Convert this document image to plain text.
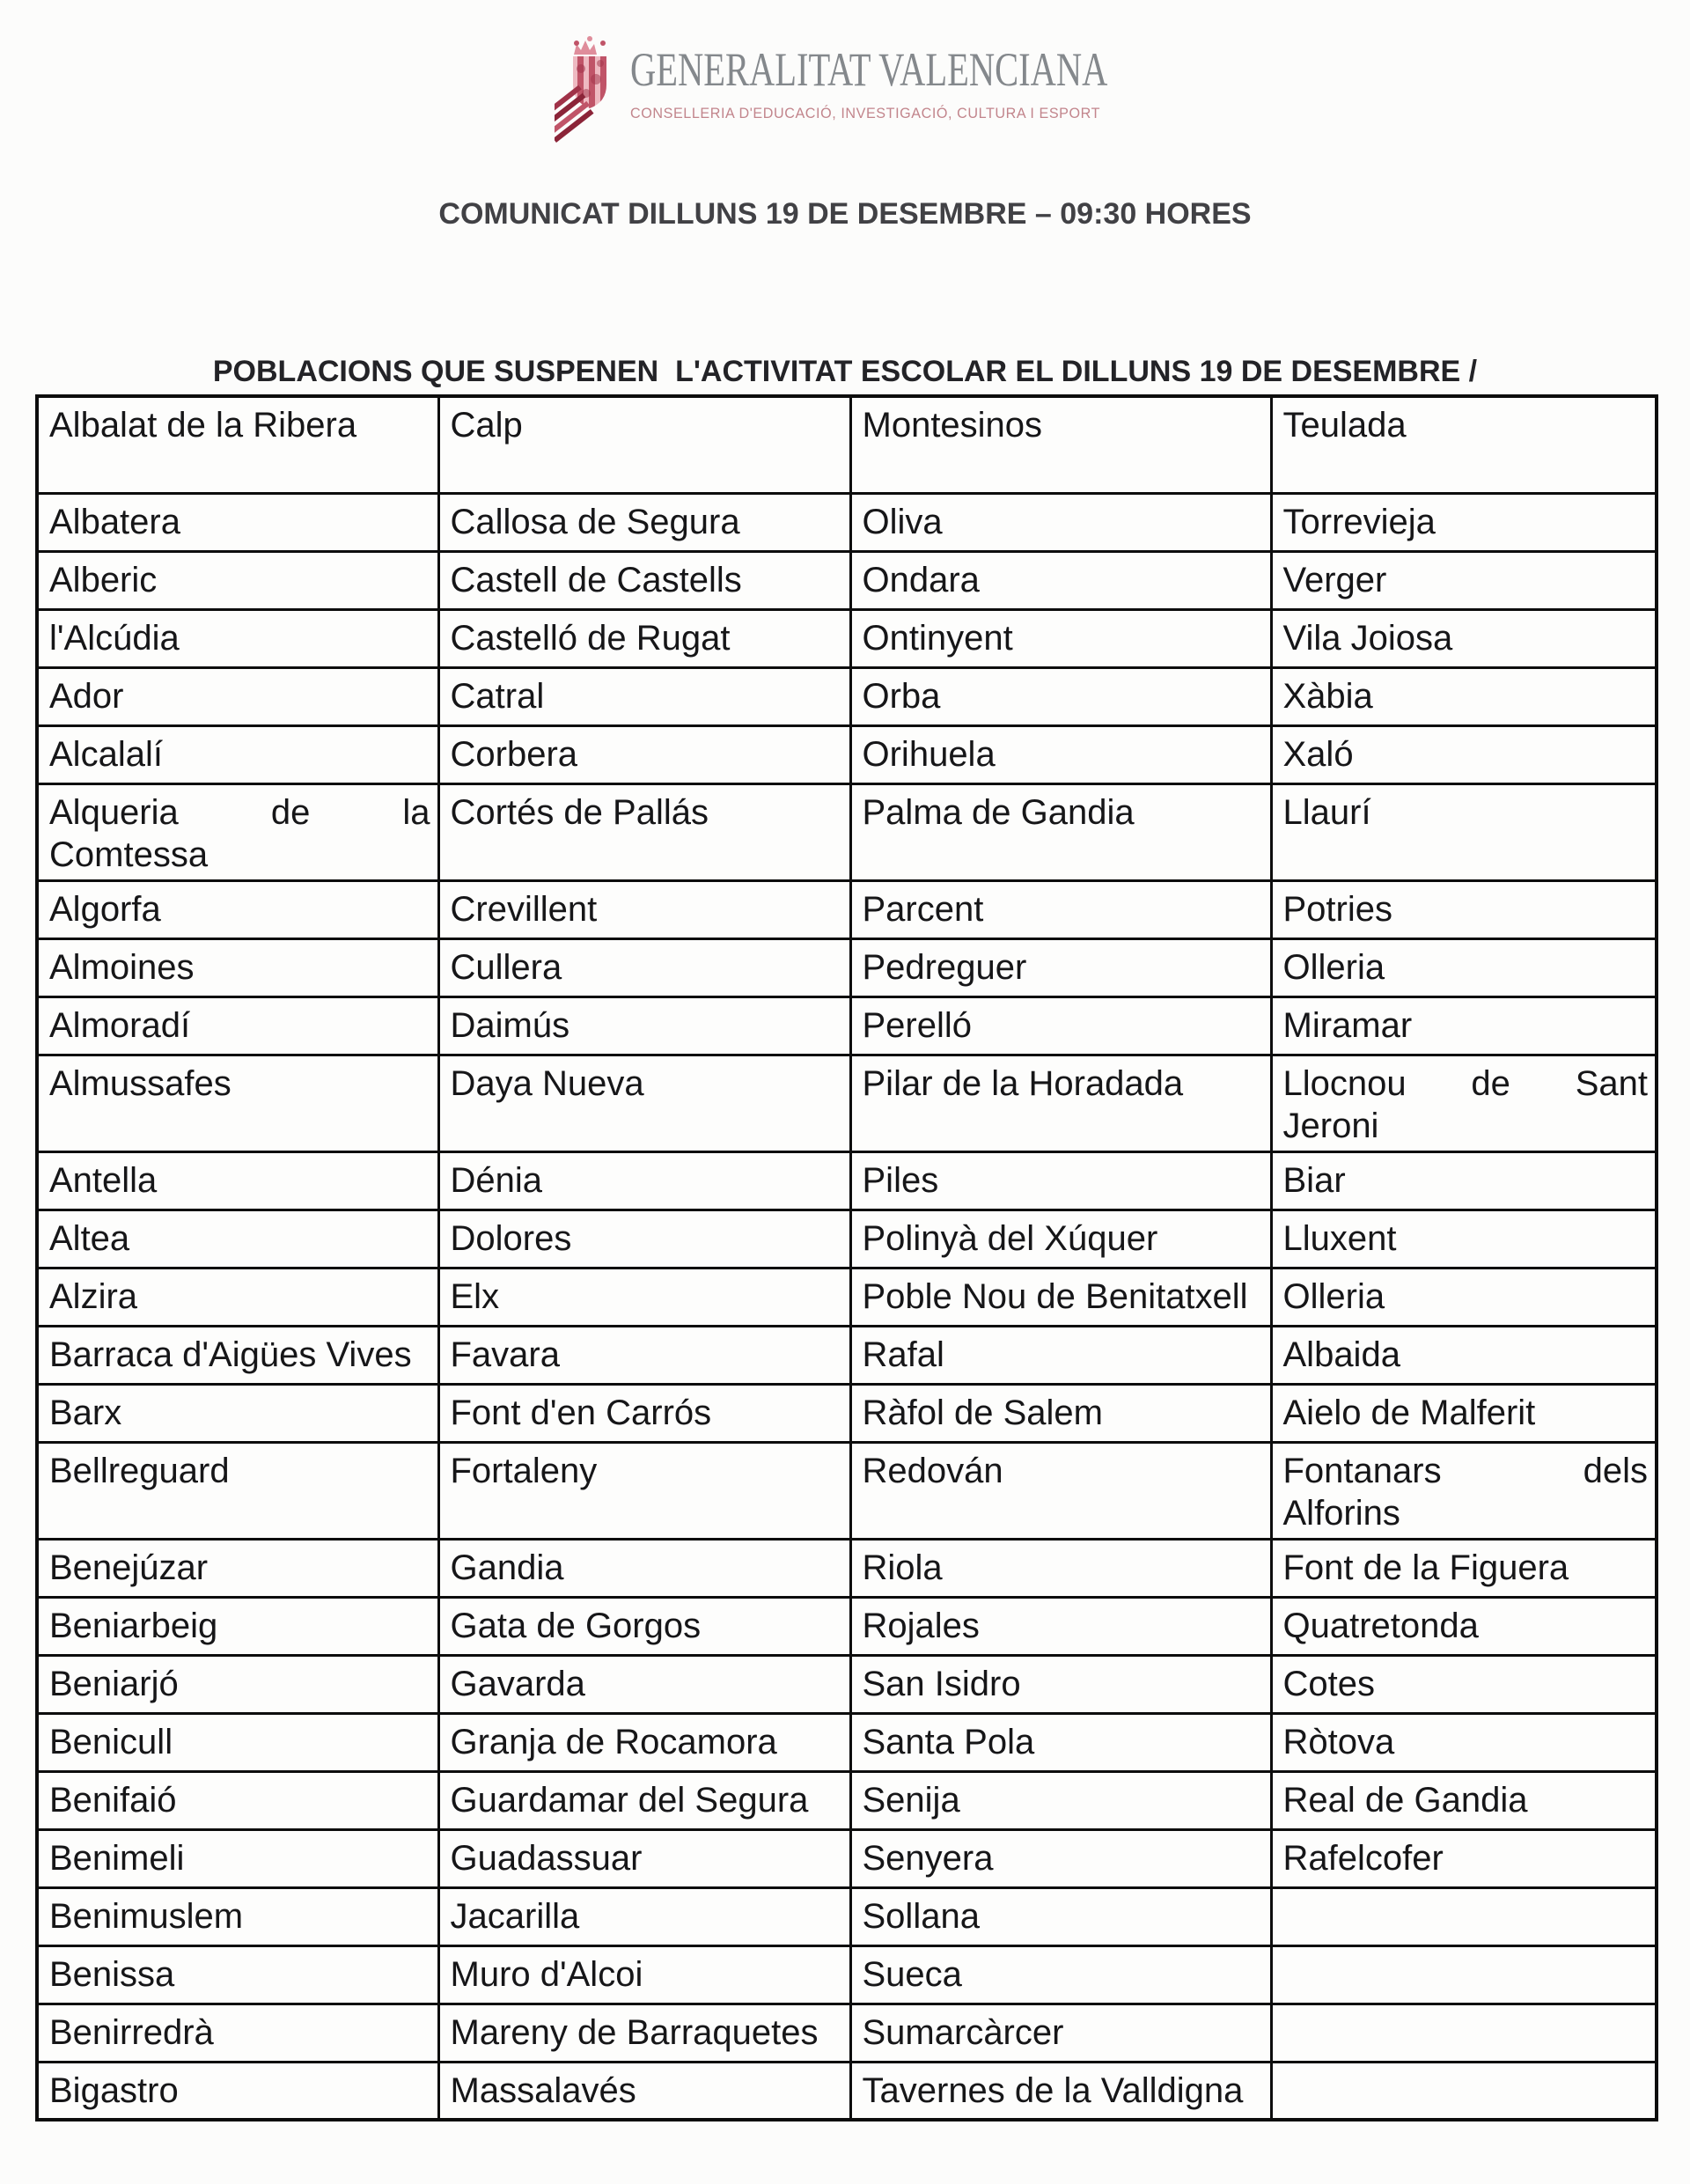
GENERALITAT VALENCIANA
CONSELLERIA D'EDUCACIÓ, INVESTIGACIÓ, CULTURA I ESPORT
COMUNICAT DILLUNS 19 DE DESEMBRE – 09:30 HORES

POBLACIONS QUE SUSPENEN  L'ACTIVITAT ESCOLAR EL DILLUNS 19 DE DESEMBRE /

Albalat de la Ribera	Calp	Montesinos	Teulada
Albatera	Callosa de Segura	Oliva	Torrevieja
Alberic	Castell de Castells	Ondara	Verger
l'Alcúdia	Castelló de Rugat	Ontinyent	Vila Joiosa
Ador	Catral	Orba	Xàbia
Alcalalí	Corbera	Orihuela	Xaló

Alqueria de la
Comtessa	Cortés de Pallás	Palma de Gandia	Llaurí
Algorfa	Crevillent	Parcent	Potries
Almoines	Cullera	Pedreguer	Olleria
Almoradí	Daimús	Perelló	Miramar
Almussafes	Daya Nueva	Pilar de la Horadada	Llocnou de Sant
Jeroni

Antella	Dénia	Piles	Biar
Altea	Dolores	Polinyà del Xúquer	Lluxent
Alzira	Elx	Poble Nou de Benitatxell	Olleria
Barraca d'Aigües Vives	Favara	Rafal	Albaida
Barx	Font d'en Carrós	Ràfol de Salem	Aielo de Malferit
Bellreguard	Fortaleny	Redován	Fontanars dels
Alforins

Benejúzar	Gandia	Riola	Font de la Figuera
Beniarbeig	Gata de Gorgos	Rojales	Quatretonda
Beniarjó	Gavarda	San Isidro	Cotes
Benicull	Granja de Rocamora	Santa Pola	Ròtova
Benifaió	Guardamar del Segura	Senija	Real de Gandia
Benimeli	Guadassuar	Senyera	Rafelcofer
Benimuslem	Jacarilla	Sollana	
Benissa	Muro d'Alcoi	Sueca	
Benirredrà	Mareny de Barraquetes	Sumarcàrcer	
Bigastro	Massalavés	Tavernes de la Valldigna	
